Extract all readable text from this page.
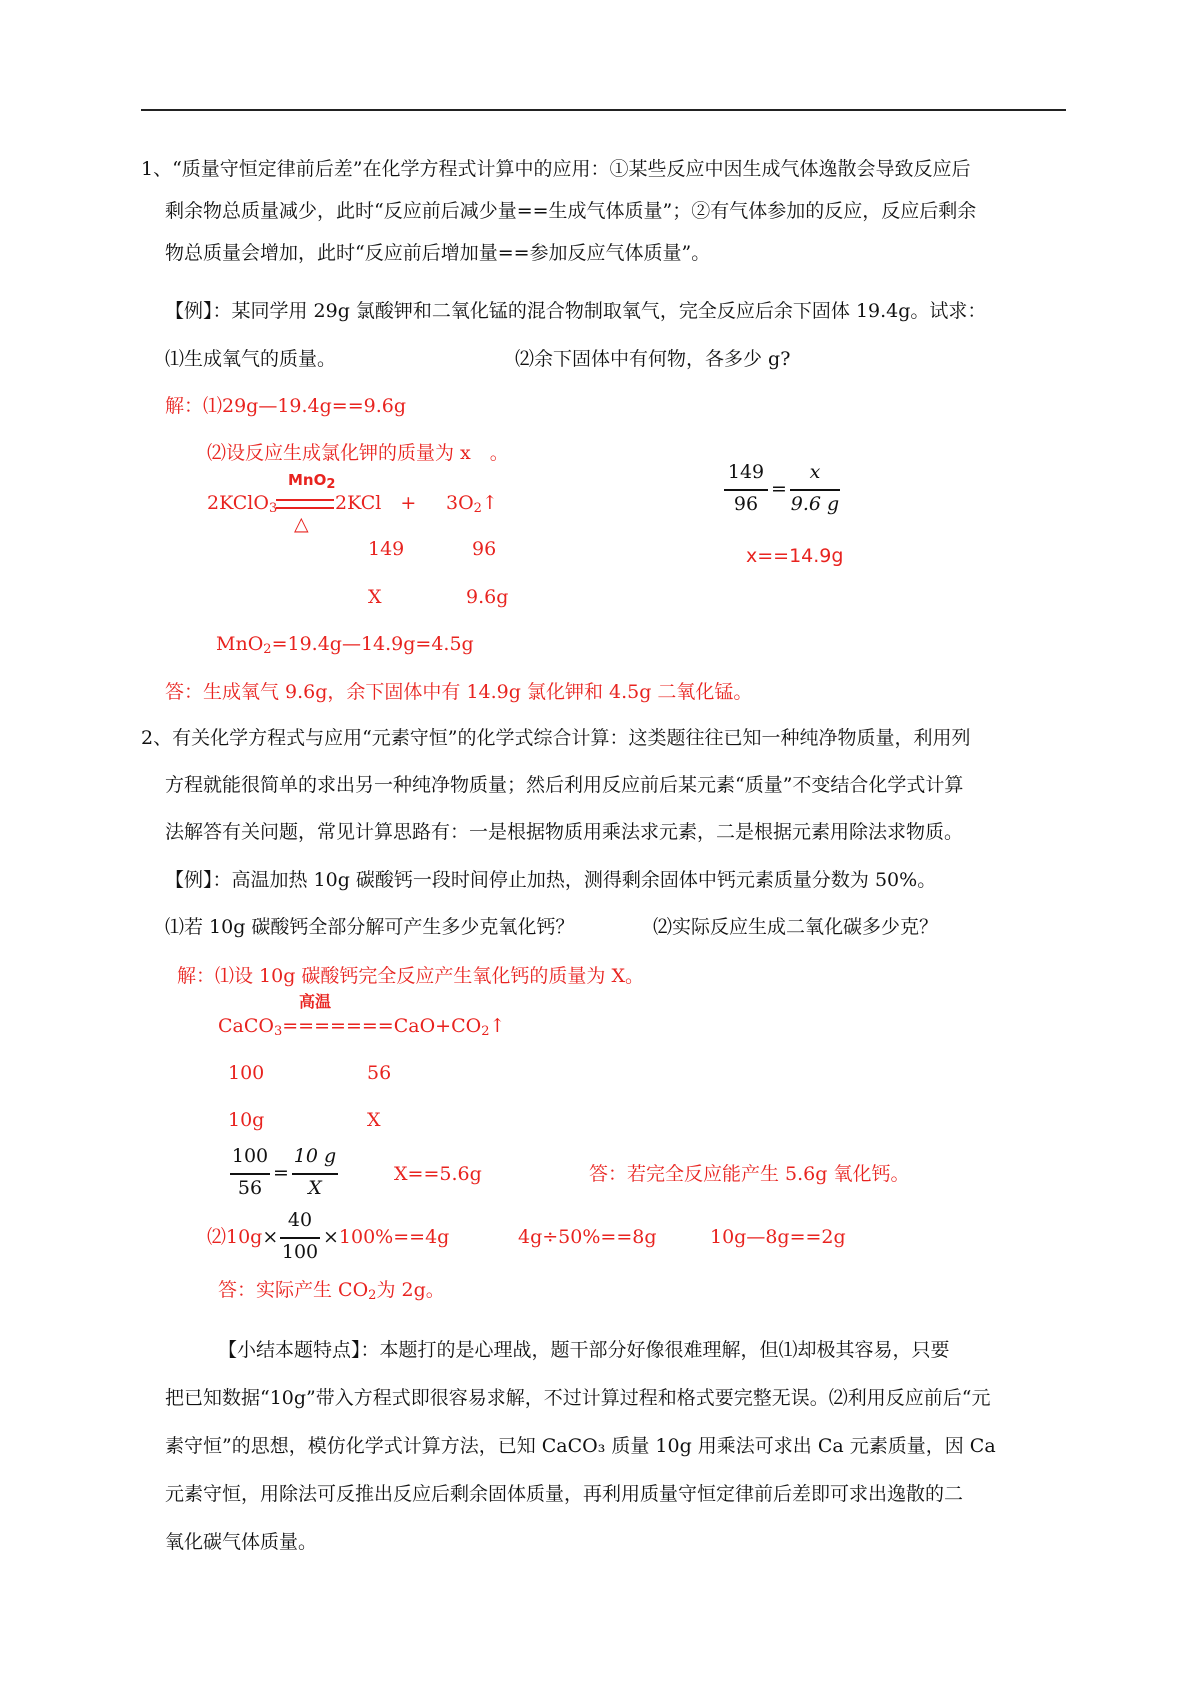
1、“质量守恒定律前后差”在化学方程式计算中的应用：①某些反应中因生成气体逸散会导致反应后
剩余物总质量减少，此时“反应前后减少量==生成气体质量”；②有气体参加的反应，反应后剩余
物总质量会增加，此时“反应前后增加量==参加反应气体质量”。
【例】：某同学用 29g 氯酸钾和二氧化锰的混合物制取氧气，完全反应后余下固体 19.4g。试求：
⑴生成氧气的质量。	⑵余下固体中有何物，各多少 g?
解：⑴29g—19.4g==9.6g
⑵设反应生成氯化钾的质量为 x　。
MnO$_2$
2KClO$_3$	2KCl　+ $3O_2↑$
△
149	96
X	9.6g
149
96
=
x
9.6 g
x==14.9g
MnO$_2$=19.4g—14.9g=4.5g
答：生成氧气 9.6g，余下固体中有 14.9g 氯化钾和 4.5g 二氧化锰。
2、有关化学方程式与应用“元素守恒”的化学式综合计算：这类题往往已知一种纯净物质量，利用列
方程就能很简单的求出另一种纯净物质量；然后利用反应前后某元素“质量”不变结合化学式计算
法解答有关问题，常见计算思路有：一是根据物质用乘法求元素，二是根据元素用除法求物质。
【例】：高温加热 10g 碳酸钙一段时间停止加热，测得剩余固体中钙元素质量分数为 50%。
⑴若 10g 碳酸钙全部分解可产生多少克氧化钙？	⑵实际反应生成二氧化碳多少克？
解：⑴设 10g 碳酸钙完全反应产生氧化钙的质量为 X。
高温
$CaCO_3=======CaO+CO_2↑$
100	56
10g	X
100
56
=
10 g
X
X==5.6g	答：若完全反应能产生 5.6g 氧化钙。
⑵10g×
40
100
×100%==4g	4g÷50%==8g	10g—8g==2g
答：实际产生 $CO_2$为 2g。
【小结本题特点】：本题打的是心理战，题干部分好像很难理解，但⑴却极其容易，只要
把已知数据“10g”带入方程式即很容易求解，不过计算过程和格式要完整无误。⑵利用反应前后“元
素守恒”的思想，模仿化学式计算方法，已知 CaCO₃ 质量 10g 用乘法可求出 Ca 元素质量，因 Ca
元素守恒，用除法可反推出反应后剩余固体质量，再利用质量守恒定律前后差即可求出逸散的二
氧化碳气体质量。
